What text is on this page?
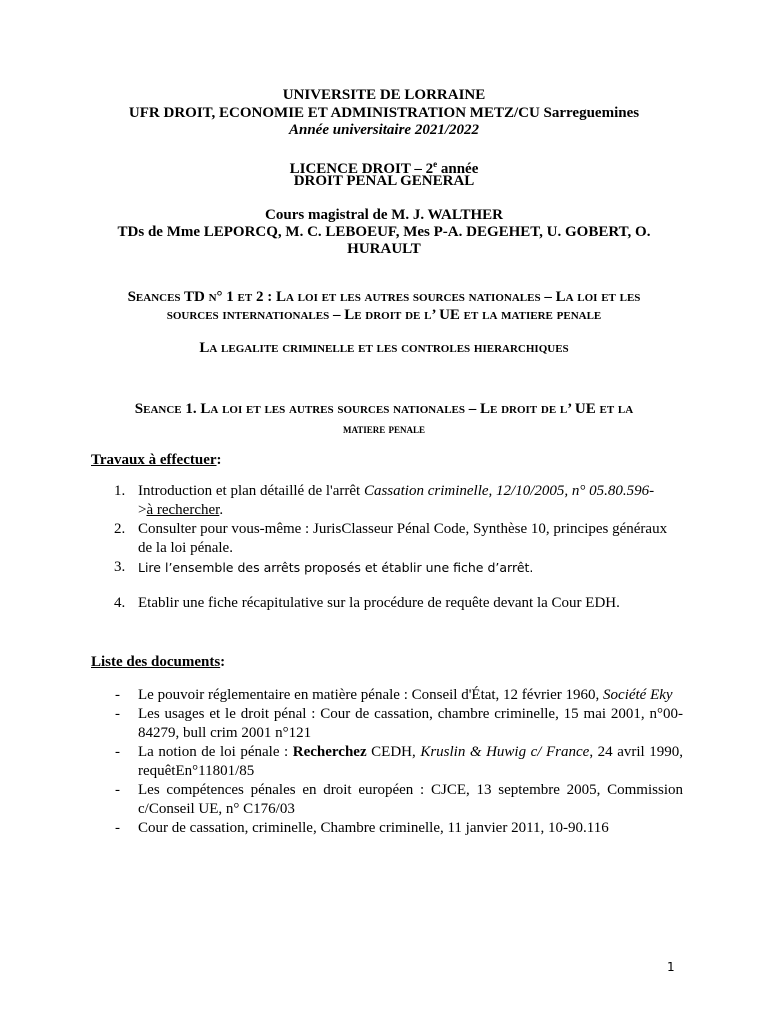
UNIVERSITE DE LORRAINE
UFR DROIT, ECONOMIE ET ADMINISTRATION METZ/CU Sarreguemines
Année universitaire 2021/2022
LICENCE DROIT – 2e année
DROIT PENAL GENERAL
Cours magistral de M. J. WALTHER
TDs de Mme LEPORCQ, M. C. LEBOEUF, Mes P-A. DEGEHET, U. GOBERT, O.
HURAULT
Seances TD n° 1 et 2 : La loi et les autres sources nationales – La loi et les
sources internationales – Le droit de l’ UE et la matiere penale
La legalite criminelle et les controles hierarchiques
Seance 1. La loi et les autres sources nationales – Le droit de l’ UE et la
matiere penale
Travaux à effectuer:
1. Introduction et plan détaillé de l'arrêt Cassation criminelle, 12/10/2005, n° 05.80.596-
>à rechercher.
2. Consulter pour vous-même : JurisClasseur Pénal Code, Synthèse 10, principes généraux
de la loi pénale.
3. Lire l’ensemble des arrêts proposés et établir une fiche d’arrêt.
4. Etablir une fiche récapitulative sur la procédure de requête devant la Cour EDH.
Liste des documents:
- Le pouvoir réglementaire en matière pénale : Conseil d'État, 12 février 1960, Société Eky
- Les usages et le droit pénal : Cour de cassation, chambre criminelle, 15 mai 2001, n°00-84279, bull crim 2001 n°121
- La notion de loi pénale : Recherchez CEDH, Kruslin & Huwig c/ France, 24 avril 1990, requêtEn°11801/85
- Les compétences pénales en droit européen : CJCE, 13 septembre 2005, Commission c/Conseil UE, n° C176/03
- Cour de cassation, criminelle, Chambre criminelle, 11 janvier 2011, 10-90.116
1
